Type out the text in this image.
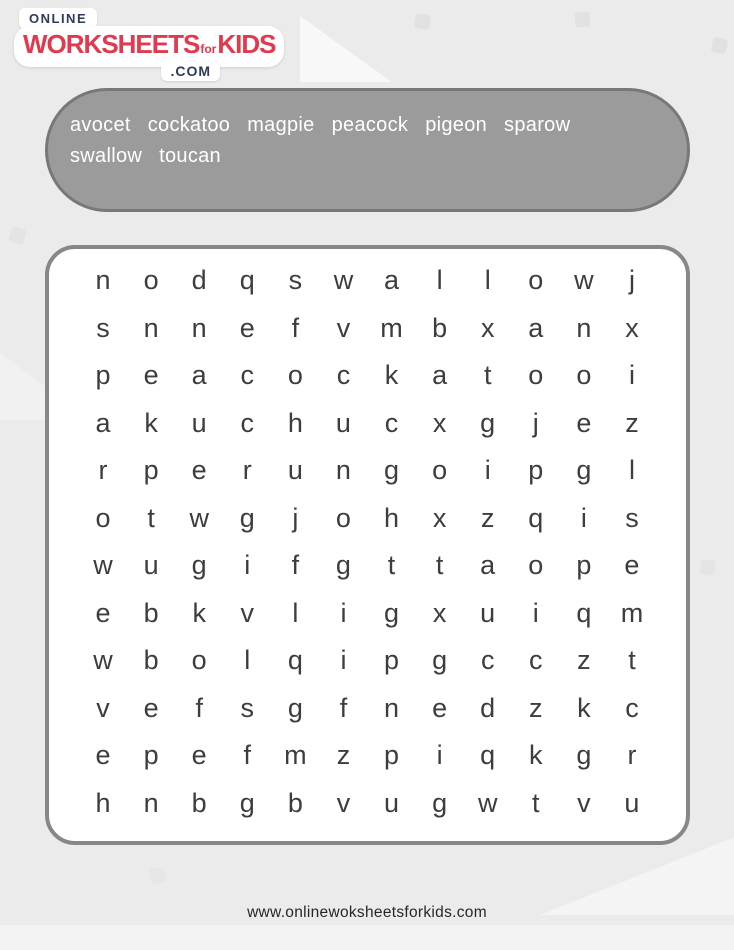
ONLINE
WORKSHEETSforKIDS
.COM
avocet cockatoo magpie peacock pigeon sparowswallow toucan
n	o	d	q	s	w	a	l	l	o	w	j
s	n	n	e	f	v	m	b	x	a	n	x
p	e	a	c	o	c	k	a	t	o	o	i
a	k	u	c	h	u	c	x	g	j	e	z
r	p	e	r	u	n	g	o	i	p	g	l
o	t	w	g	j	o	h	x	z	q	i	s
w	u	g	i	f	g	t	t	a	o	p	e
e	b	k	v	l	i	g	x	u	i	q	m
w	b	o	l	q	i	p	g	c	c	z	t
v	e	f	s	g	f	n	e	d	z	k	c
e	p	e	f	m	z	p	i	q	k	g	r
h	n	b	g	b	v	u	g	w	t	v	u
www.onlinewoksheetsforkids.com
